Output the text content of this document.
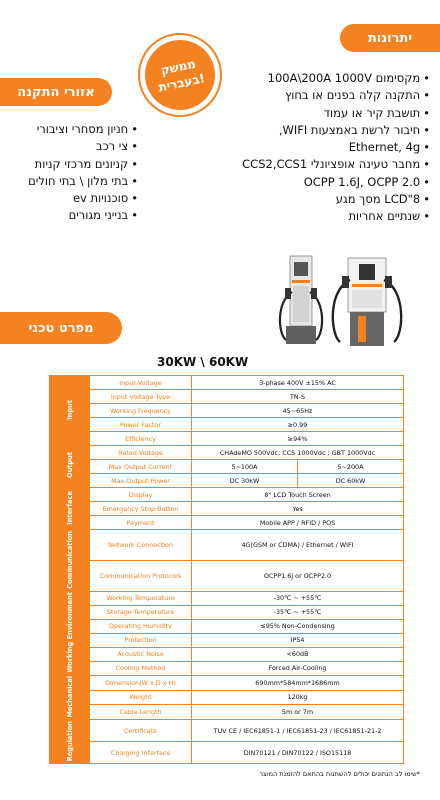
יתרונות
• מקסימום 100A\200A 1000V
• התקנה קלה בפנים או בחוץ
• תושבת קיר או עמוד
• חיבור לרשת באמצעות WIFI,
• Ethernet, 4g
• מחבר טעינה אופציונלי CCS2,CCS1
• OCPP 1.6J, OCPP 2.0
• LCD"8 מסך מגע
• שנתיים אחריות
ממשק
בעברית!
אזורי התקנה
• חניון מסחרי וציבורי
• צי רכב
• קניונים מרכזי קניות
• בתי מלון \ בתי חולים
• סוכנויות ev
• בנייני מגורים
מפרט טכני
30KW \ 60KW
Input	Input Voltage	3-phase 400V ±15% AC	
	Input Voltage Type	TN-S	
	Working Frequency	45~65Hz	
	Power Factor	≥0.99	
	Efficiency	≥94%	
Output	Rated Voltage	CHAdeMO 500Vdc; CCS 1000Vdc ; GBT 1000Vdc	
	Max Output Current	5~100A	5~200A
	Max Output Power	DC 30kW	DC 60kW
Interface	Display	8" LCD Touch Screen	
	Emergency Stop Button	Yes	
	Payment	Mobile APP / RFID / POS	
Communication	Network Connection	4G(GSM or CDMA) / Ethernet / WIFI	
	Communication Protocols	OCPP1.6J or OCPP2.0	
Working Environment	Working Temperature	-30℃ ~ +55℃	
	Storage Temperature	-35℃ ~ +55℃	
	Operating Humidity	≤95% Non-Condensing	
	Protection	IP54	
	Acoustic Noise	<60dB	
	Cooling Method	Forced Air-Cooling	
Mechanical	Dimension(W x D x H)	690mm*584mm*1686mm	
	Weight	120kg	
	Cable Length	5m or 7m	
Regulation	Certificate	TUV CE / IEC61851-1 / IEC61851-23 / IEC61851-21-2	
	Charging Interface	DIN70121 / DIN70122 / ISO15118	
*שימו לב הנתונים יכולים להשתנות בהתאם להזמנת המוצר
